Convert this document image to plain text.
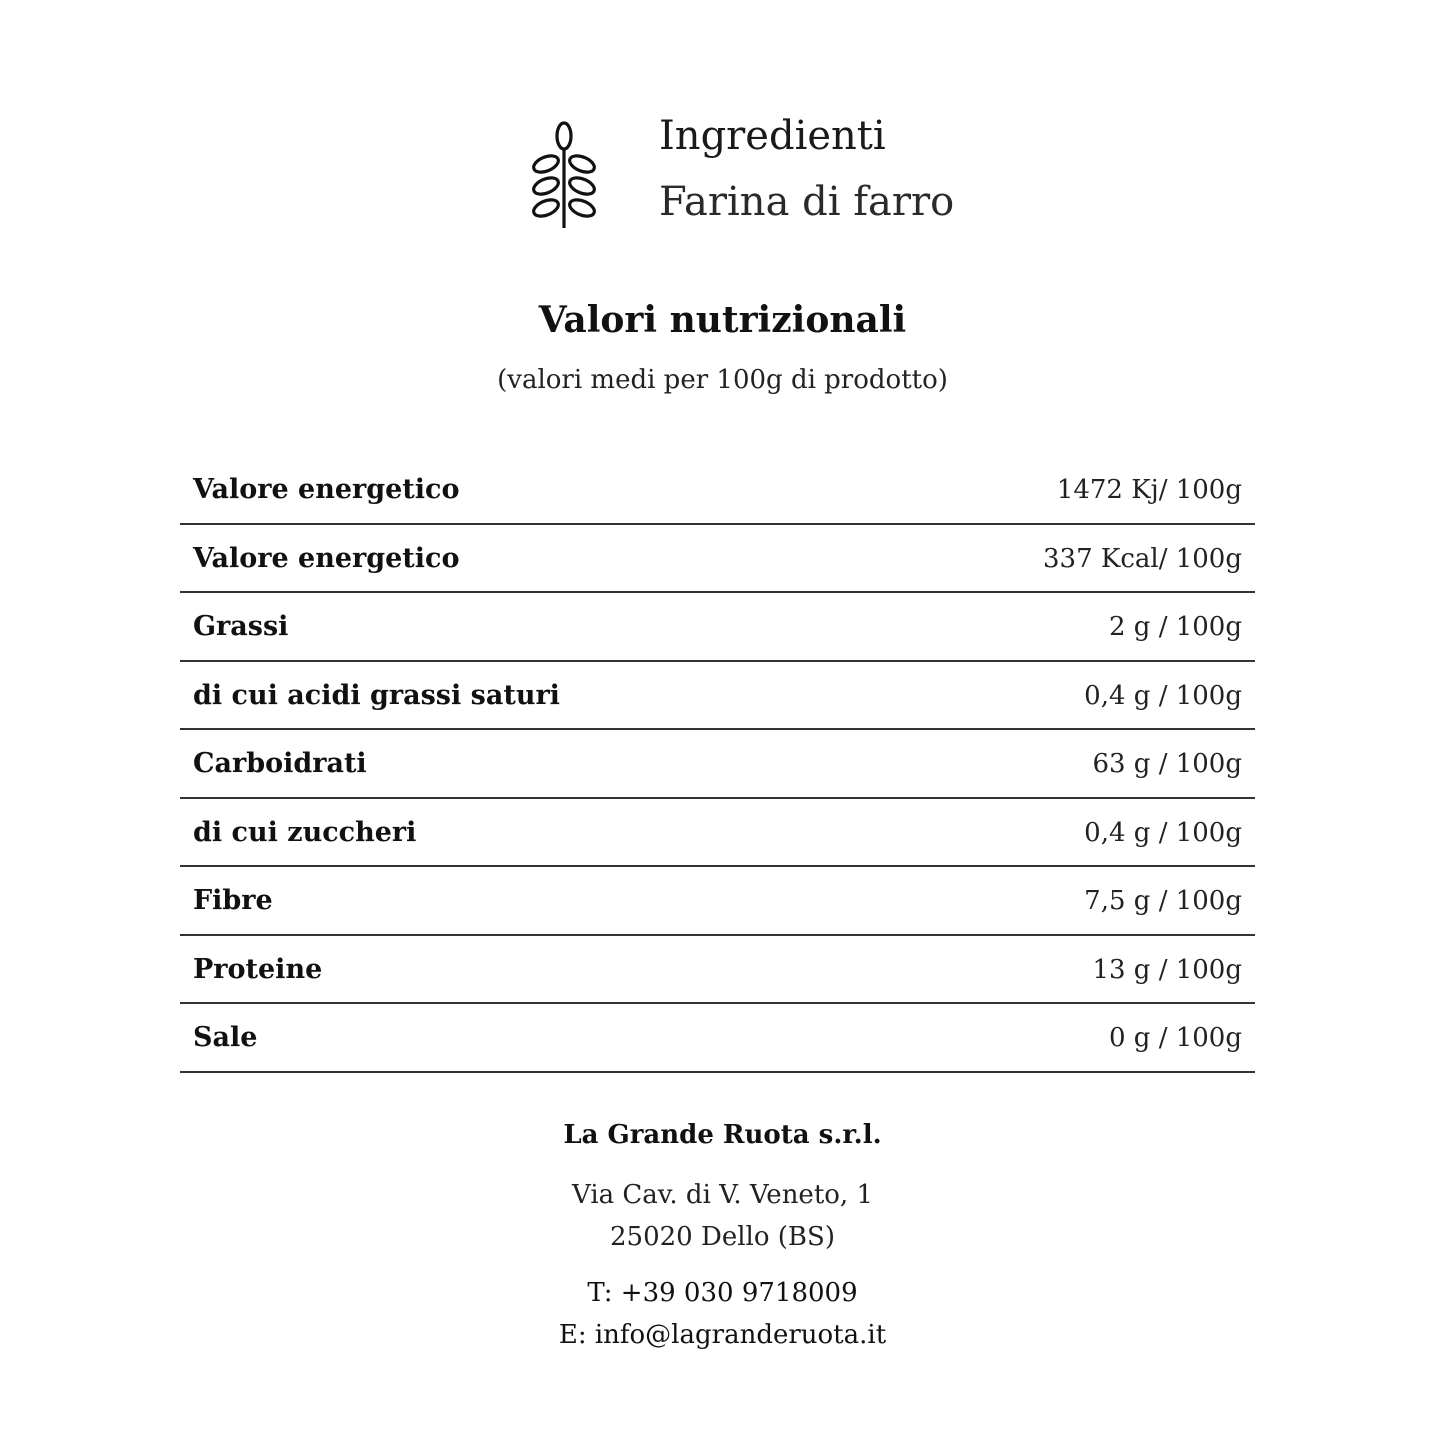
Ingredienti
Farina di farro
Valori nutrizionali
(valori medi per 100g di prodotto)
Valore energetico	1472 Kj/ 100g
Valore energetico	337 Kcal/ 100g
Grassi	2 g / 100g
di cui acidi grassi saturi	0,4 g / 100g
Carboidrati	63 g / 100g
di cui zuccheri	0,4 g / 100g
Fibre	7,5 g / 100g
Proteine	13 g / 100g
Sale	0 g / 100g
La Grande Ruota s.r.l.
Via Cav. di V. Veneto, 1
25020 Dello (BS)
T: +39 030 9718009
E: info@lagranderuota.it
